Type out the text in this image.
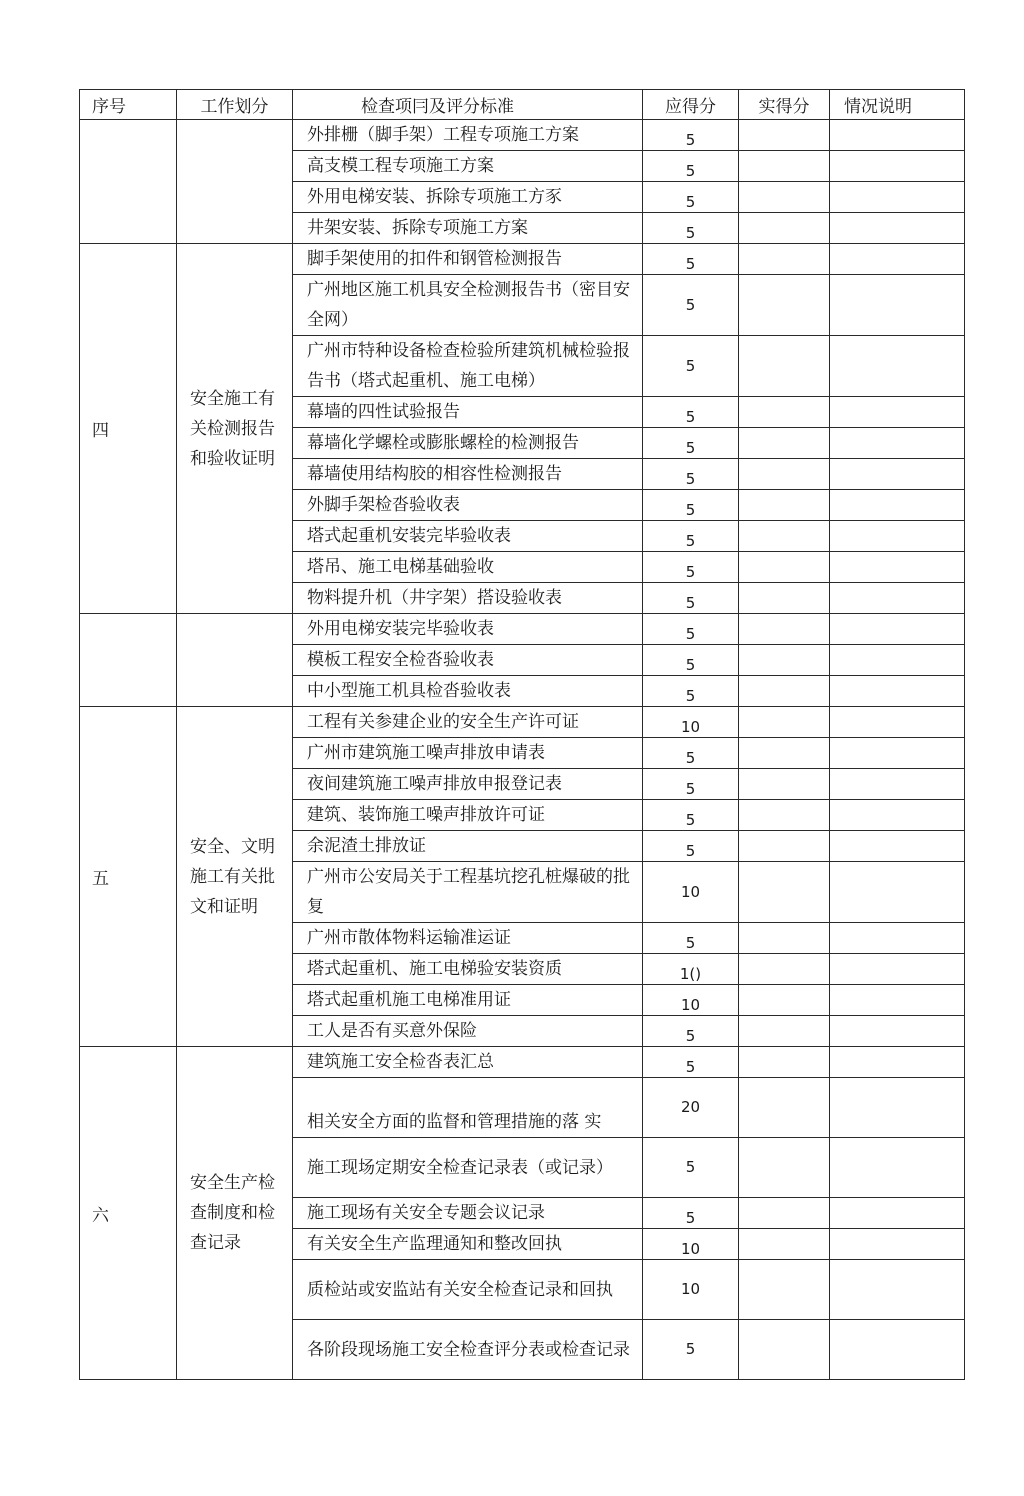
序号	工作划分	检查项冃及评分标准	应得分	实得分	情况说明
		外排栅（脚手架）工程专项施工方案	5		
		高支模工程专项施工方案	5		
		外用电梯安装、拆除专项施工方豕	5		
		井架安装、拆除专项施工方案	5		
四	安全施工有关检测报告和验收证明	脚手架使用的扣件和钢管检测报告	5		
		广州地区施工机具安全检测报告书（密目安全网）	5		
		广州市特种设备检查检验所建筑机械检验报告书（塔式起重机、施工电梯）	5		
		幕墙的四性试验报告	5		
		幕墙化学螺栓或膨胀螺栓的检测报告	5		
		幕墙使用结构胶的相容性检测报告	5		
		外脚手架检沓验收表	5		
		塔式起重机安装完毕验收表	5		
		塔吊、施工电梯基础验收	5		
		物料提升机（井字架）搭设验收表	5		
		外用电梯安装完毕验收表	5		
		模板工程安全检沓验收表	5		
		中小型施工机具检沓验收表	5		
五	安全、文明施工有关批文和证明	工程有关参建企业的安全生产许可证	10		
		广州市建筑施工噪声排放申请表	5		
		夜间建筑施工噪声排放申报登记表	5		
		建筑、装饰施工噪声排放许可证	5		
		余泥渣土排放证	5		
		广州市公安局关于工程基坑挖孔桩爆破的批复	10		
		广州市散体物料运输准运证	5		
		塔式起重机、施工电梯验安装资质	1()		
		塔式起重机施工电梯准用证	10		
		工人是否有买意外保险	5		
六	安全生产检查制度和检查记录	建筑施工安全检沓表汇总	5		
		相关安全方面的监督和管理措施的落 实	20		
		施工现场定期安全检查记录表（或记录）	5		
		施工现场有关安全专题会议记录	5		
		有关安全生产监理通知和整改回执	10		
		质检站或安监站有关安全检查记录和回执	10		
		各阶段现场施工安全检查评分表或检查记录	5		
